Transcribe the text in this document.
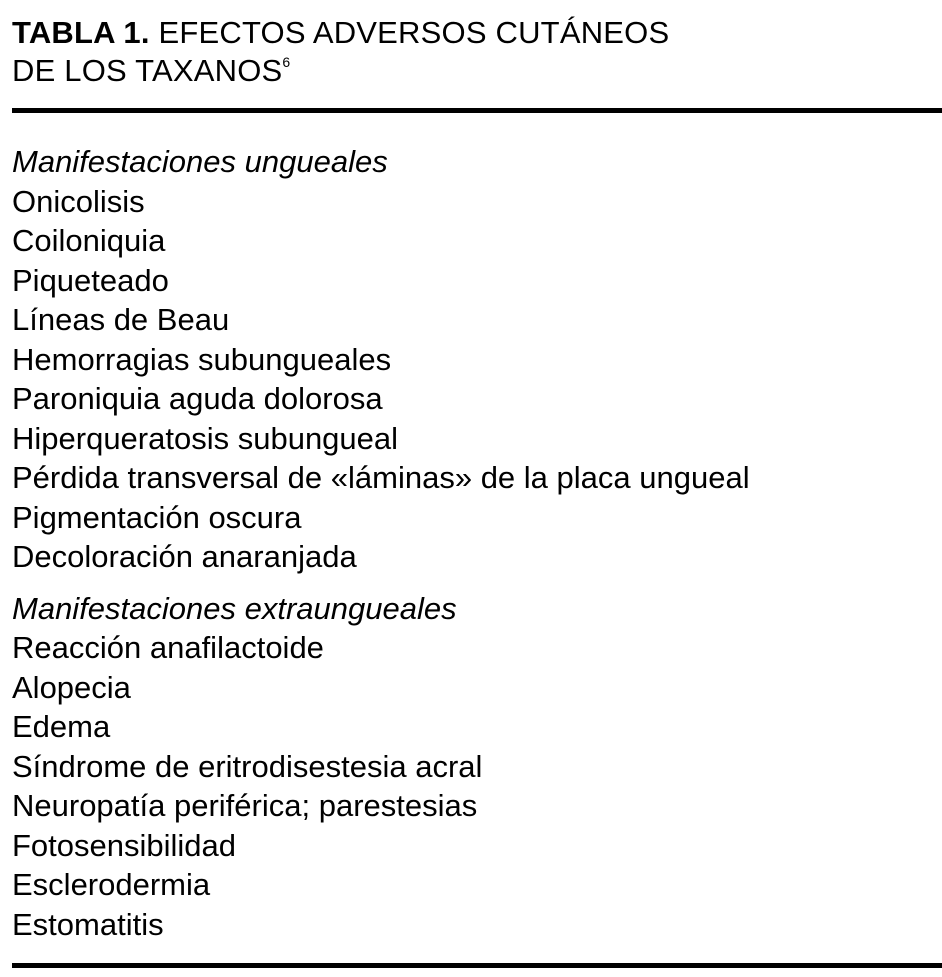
TABLA 1. EFECTOS ADVERSOS CUTÁNEOS
DE LOS TAXANOS$^6$

Manifestaciones ungueales

Onicolisis

Coiloniquia

Piqueteado

Líneas de Beau

Hemorragias subungueales

Paroniquia aguda dolorosa

Hiperqueratosis subungueal

Pérdida transversal de «láminas» de la placa ungueal

Pigmentación oscura

Decoloración anaranjada

Manifestaciones extraungueales

Reacción anafilactoide

Alopecia

Edema

Síndrome de eritrodisestesia acral

Neuropatía periférica; parestesias

Fotosensibilidad

Esclerodermia

Estomatitis
